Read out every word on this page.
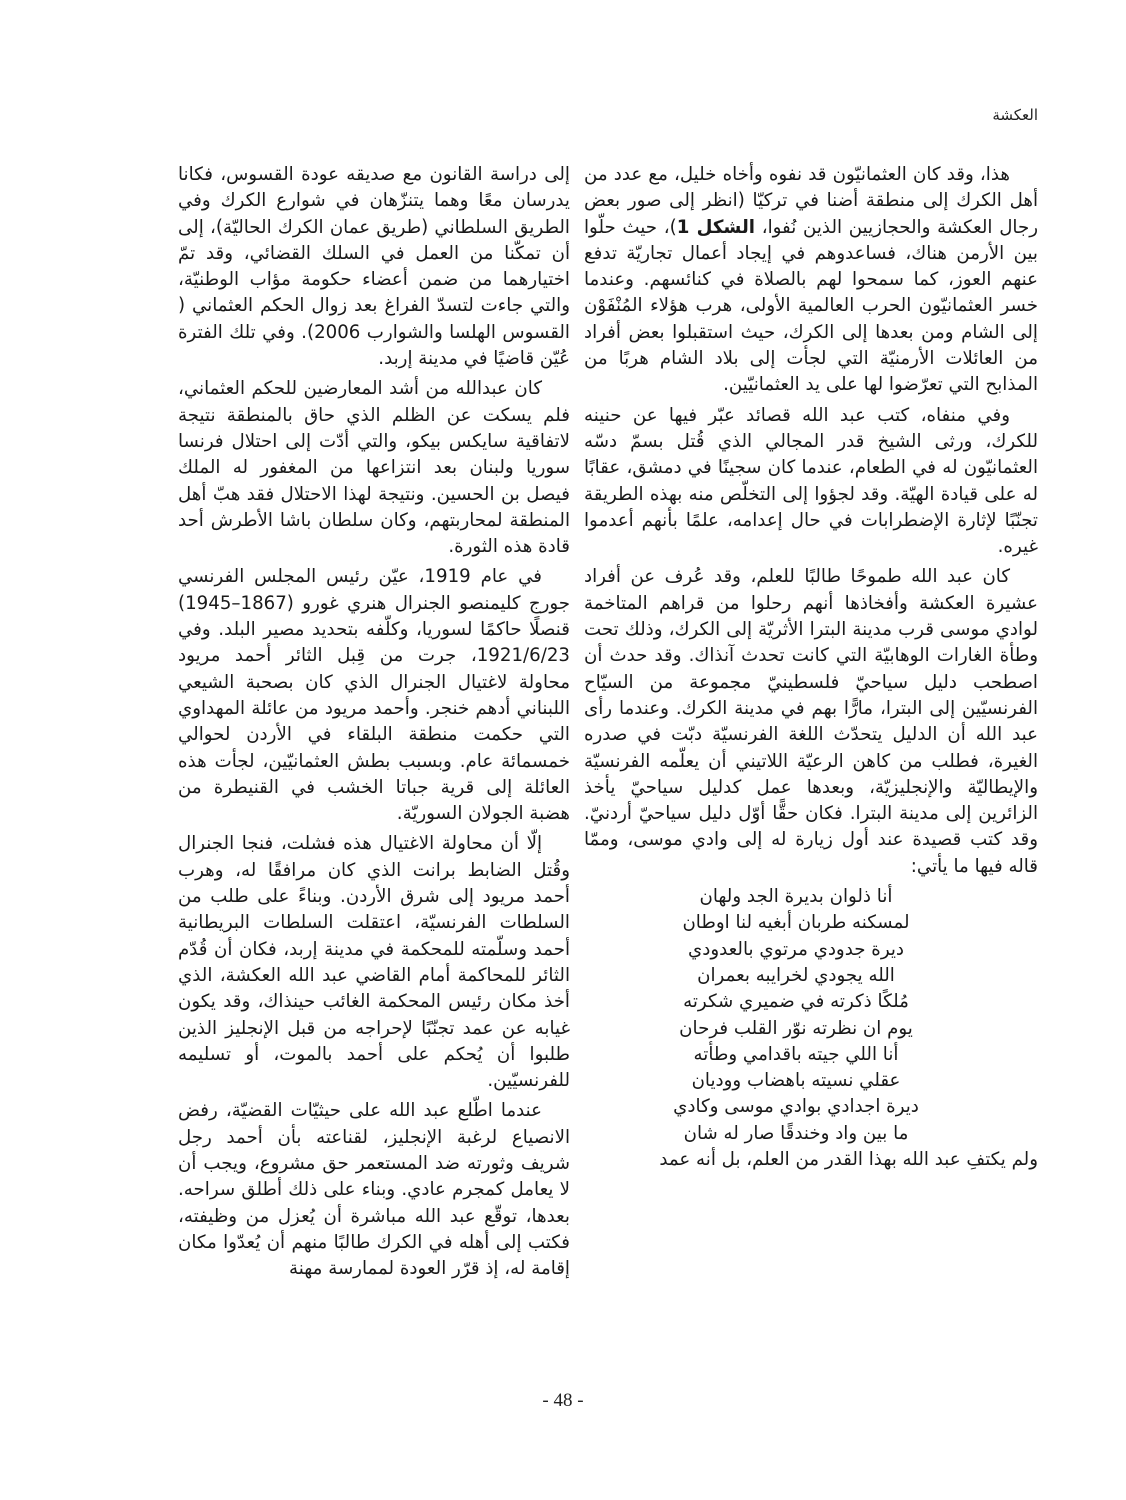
العكشة

هذا، وقد كان العثمانيّون قد نفوه وأخاه خليل، مع عدد من أهل الكرك إلى منطقة أضنا في تركيّا (انظر إلى صور بعض رجال العكشة والحجازيين الذين نُفوا، الشكل 1)، حيث حلّوا بين الأرمن هناك، فساعدوهم في إيجاد أعمال تجاريّة تدفع عنهم العوز، كما سمحوا لهم بالصلاة في كنائسهم. وعندما خسر العثمانيّون الحرب العالمية الأولى، هرب هؤلاء المُنْفَوْن إلى الشام ومن بعدها إلى الكرك، حيث استقبلوا بعض أفراد من العائلات الأرمنيّة التي لجأت إلى بلاد الشام هربًا من المذابح التي تعرّضوا لها على يد العثمانيّين.

وفي منفاه، كتب عبد الله قصائد عبّر فيها عن حنينه للكرك، ورثى الشيخ قدر المجالي الذي قُتل بسمّ دسّه العثمانيّون له في الطعام، عندما كان سجينًا في دمشق، عقابًا له على قيادة الهيّة. وقد لجؤوا إلى التخلّص منه بهذه الطريقة تجنّبًا لإثارة الإضطرابات في حال إعدامه، علمًا بأنهم أعدموا غيره.

كان عبد الله طموحًا طالبًا للعلم، وقد عُرف عن أفراد عشيرة العكشة وأفخاذها أنهم رحلوا من قراهم المتاخمة لوادي موسى قرب مدينة البترا الأثريّة إلى الكرك، وذلك تحت وطأة الغارات الوهابيّة التي كانت تحدث آنذاك. وقد حدث أن اصطحب دليل سياحيّ فلسطينيّ مجموعة من السيّاح الفرنسيّين إلى البترا، مارًّا بهم في مدينة الكرك. وعندما رأى عبد الله أن الدليل يتحدّث اللغة الفرنسيّة دبّت في صدره الغيرة، فطلب من كاهن الرعيّة اللاتيني أن يعلّمه الفرنسيّة والإيطاليّة والإنجليزيّة، وبعدها عمل كدليل سياحيّ يأخذ الزائرين إلى مدينة البترا. فكان حقًّا أوّل دليل سياحيّ أردنيّ. وقد كتب قصيدة عند أول زيارة له إلى وادي موسى، وممّا قاله فيها ما يأتي:

أنا ذلوان بديرة الجد ولهان
لمسكنه طربان أبغيه لنا اوطان
ديرة جدودي مرتوي بالعدودي
الله يجودي لخرايبه بعمران
مُلكًا ذكرته في ضميري شكرته
يوم ان نظرته نوّر القلب فرحان
أنا اللي جيته باقدامي وطأته
عقلي نسيته باهضاب ووديان
ديرة اجدادي بوادي موسى وكادي
ما بين واد وخندقًا صار له شان

ولم يكتفِ عبد الله بهذا القدر من العلم، بل أنه عمد

إلى دراسة القانون مع صديقه عودة القسوس، فكانا يدرسان معًا وهما يتنزّهان في شوارع الكرك وفي الطريق السلطاني (طريق عمان الكرك الحاليّة)، إلى أن تمكّنا من العمل في السلك القضائي، وقد تمّ اختيارهما من ضمن أعضاء حكومة مؤاب الوطنيّة، والتي جاءت لتسدّ الفراغ بعد زوال الحكم العثماني ( القسوس الهلسا والشوارب 2006). وفي تلك الفترة عُيّن قاضيًا في مدينة إربد.

كان عبدالله من أشد المعارضين للحكم العثماني، فلم يسكت عن الظلم الذي حاق بالمنطقة نتيجة لاتفاقية سايكس بيكو، والتي أدّت إلى احتلال فرنسا سوريا ولبنان بعد انتزاعها من المغفور له الملك فيصل بن الحسين. ونتيجة لهذا الاحتلال فقد هبّ أهل المنطقة لمحاربتهم، وكان سلطان باشا الأطرش أحد قادة هذه الثورة.

في عام 1919، عيّن رئيس المجلس الفرنسي جورج كليمنصو الجنرال هنري غورو (1867–1945) قنصلًا حاكمًا لسوريا، وكلّفه بتحديد مصير البلد. وفي 1921/6/23، جرت من قِبل الثائر أحمد مريود محاولة لاغتيال الجنرال الذي كان بصحبة الشيعي اللبناني أدهم خنجر. وأحمد مريود من عائلة المهداوي التي حكمت منطقة البلقاء في الأردن لحوالي خمسمائة عام. وبسبب بطش العثمانيّين، لجأت هذه العائلة إلى قرية جباتا الخشب في القنيطرة من هضبة الجولان السوريّة.

إلّا أن محاولة الاغتيال هذه فشلت، فنجا الجنرال وقُتل الضابط برانت الذي كان مرافقًا له، وهرب أحمد مريود إلى شرق الأردن. وبناءً على طلب من السلطات الفرنسيّة، اعتقلت السلطات البريطانية أحمد وسلّمته للمحكمة في مدينة إربد، فكان أن قُدّم الثائر للمحاكمة أمام القاضي عبد الله العكشة، الذي أخذ مكان رئيس المحكمة الغائب حينذاك، وقد يكون غيابه عن عمد تجنّبًا لإحراجه من قبل الإنجليز الذين طلبوا أن يُحكم على أحمد بالموت، أو تسليمه للفرنسيّين.

عندما اطّلع عبد الله على حيثيّات القضيّة، رفض الانصياع لرغبة الإنجليز، لقناعته بأن أحمد رجل شريف وثورته ضد المستعمر حق مشروع، ويجب أن لا يعامل كمجرم عادي. وبناء على ذلك أطلق سراحه. بعدها، توقّع عبد الله مباشرة أن يُعزل من وظيفته، فكتب إلى أهله في الكرك طالبًا منهم أن يُعدّوا مكان إقامة له، إذ قرّر العودة لممارسة مهنة

- 48 -
